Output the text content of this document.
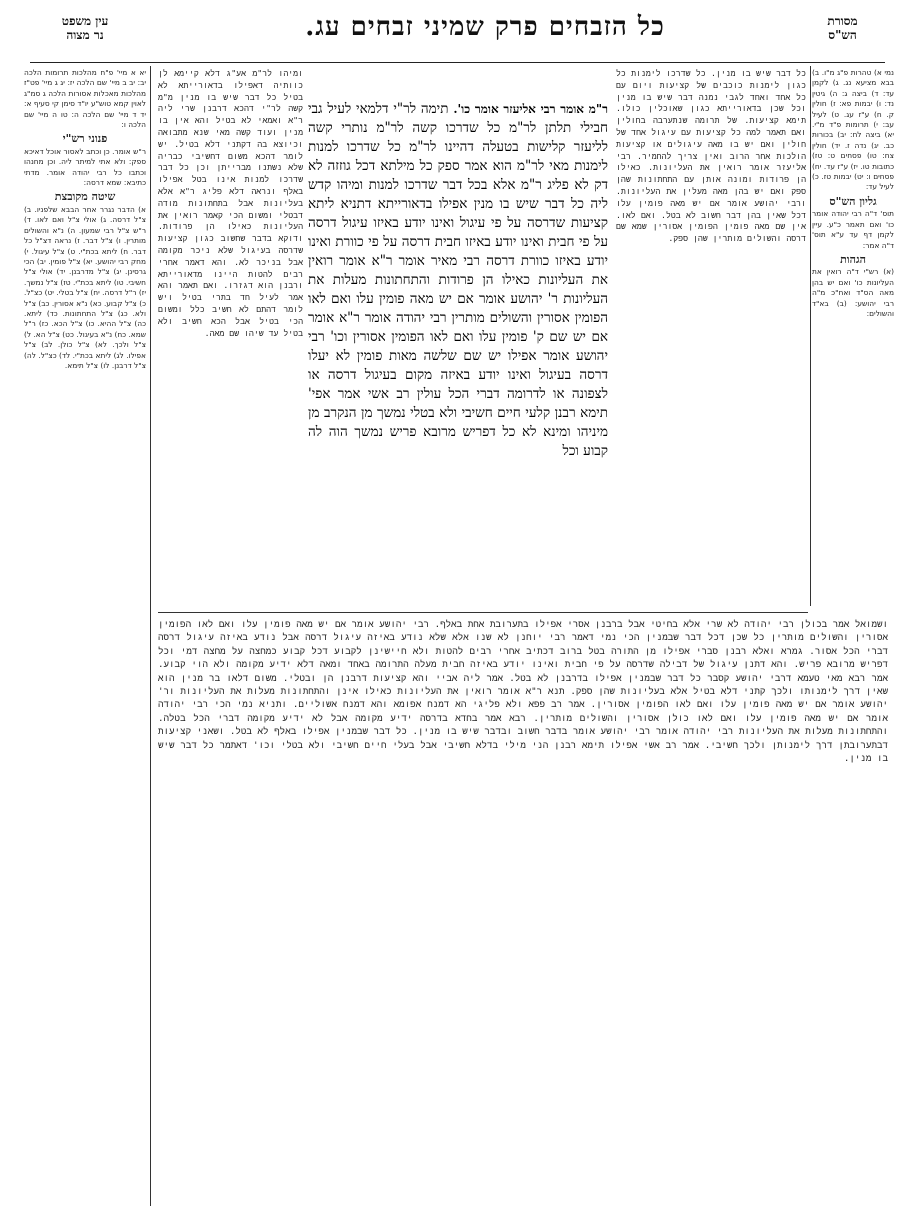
עין משפט
נר מצוה	כל הזבחים פרק שמיני זבחים עג.	מסורת
הש"ס

נמי א) טהרות פ"ג מ"ו. ב) בבא מציעא נג. ג) לקמן עד: ד) ביצה ג: ה) גיטין נד: ו) יבמות פא: ז) חולין ק. ח) ע"ז עג. ט) לעיל עב: י) תרומות פ"ד מ"י. יא) ביצה לח: יב) בכורות כב. יג) נדה ז. יד) חולין צח: טו) פסחים ט: טז) כתובות טו. יז) ע"ז עד. יח) פסחים ו: יט) יבמות טז. כ) לעיל עד:

גליון הש"ס

תוס' ד"ה רבי יהודה אומר כו' ואם תאמר כ"ע. עיין לקמן דף עד ע"א תוס' ד"ה אמר:

הגהות

(א) רש"י ד"ה רואין את העליונות כו' ואם יש בהן מאה הס"ד ואח"כ מ"ה רבי יהושע: (ב) בא"ד והשולים:

כל דבר שיש בו מנין. כל שדרכו לימנות כל כגון לימנות כוכבים של קציעות ויום עם כל אחד ואחד לגבי נמנה דבר שיש בו מנין וכל שכן בדאורייתא כגון שאוכלין כולו. תימא קציעות. של תרומה שנתערבה בחולין ואם תאמר למה כל קציעות עם עיגול אחד של חולין ואם יש בו מאה עיגולים או קציעות הולכות אחר הרוב ואין צריך להחמיר. רבי אליעזר אומר רואין את העליונות. כאילו הן פרודות ומונה אותן עם התחתונות שהן ספק ואם יש בהן מאה מעלין את העליונות. ורבי יהושע אומר אם יש מאה פומין עלו דכל שאין בהן דבר חשוב לא בטל. ואם לאו. אין שם מאה פומין הפומין אסורין שמא שם דרסה והשולים מותרין שהן ספק.

ר"מ אומר רבי אליעזר אומר כו'. תימה לר"י דלמאי לעיל גבי חבילי תלתן לר"מ כל שדרכו קשה לר"מ נותרי קשה לליעזר קלישות בטעלה דהיינו לר"מ כל שדרכו למנות לימנות מאי לר"מ הוא אמר ספק כל מילתא דכל גוזזה לא דק לא פליג ר"מ אלא בכל דבר שדרכו למנות ומיהו קדש ליה כל דבר שיש בו מנין אפילו בדאורייתא דתניא ליתא קציעות שדרסה על פי עיגול ואינו יודע באיזו עיגול דרסה על פי חבית ואינו יודע באיזו חבית דרסה על פי כוורת ואינו יודע באיזו כוורת דרסה רבי מאיר אומר ר"א אומר רואין את העליונות כאילו הן פרודות והתחתונות מעלות את העליונות ר' יהושע אומר אם יש מאה פומין עלו ואם לאו הפומין אסורין והשולים מותרין רבי יהודה אומר ר"א אומר אם יש שם ק' פומין עלו ואם לאו הפומין אסורין וכו' רבי יהושע אומר אפילו יש שם שלשה מאות פומין לא יעלו דרסה בעיגול ואינו יודע באיזה מקום בעיגול דרסה או לצפונה או לדרומה דברי הכל עולין רב אשי אמר אפי' תימא רבנן קלעי חיים חשיבי ולא בטלי נמשך מן הנקרב מן מיניהו ומינא לא כל דפריש מרובא פריש נמשך הוה לה קבוע וכל

ומיהו לר"מ אע"ג דלא קיימא לן כוותיה דאפילו בדאורייתא לא בטיל כל דבר שיש בו מנין מ"מ קשה לר"י דהכא דרבנן שרי ליה ר"א ואמאי לא בטיל והא אין בו מנין ועוד קשה מאי שנא מתבואה וכיוצא בה דקתני דלא בטיל. יש לומר דהכא משום דחשיבי כבריה שלא נשתנו מברייתן וכן כל דבר שדרכו למנות אינו בטל אפילו באלף ונראה דלא פליג ר"א אלא בעליונות אבל בתחתונות מודה דבטלי ומשום הכי קאמר רואין את העליונות כאילו הן פרודות. ודוקא בדבר שחשוב כגון קציעות שדרסה בעיגול שלא ניכר מקומה אבל בניכר לא. והא דאמר אחרי רבים להטות היינו מדאורייתא ורבנן הוא דגזרו. ואם תאמר והא אמר לעיל חד בתרי בטיל ויש לומר דהתם לא חשיב כלל ומשום הכי בטיל אבל הכא חשיב ולא בטיל עד שיהו שם מאה.

יא א מיי' פ"ח מהלכות תרומות הלכה יב: יב ב מיי' שם הלכה יז: יג ג מיי' פט"ז מהלכות מאכלות אסורות הלכה ג סמ"ג לאוין קמא טוש"ע יו"ד סימן קי סעיף א: יד ד מיי' שם הלכה ה: טו ה מיי' שם הלכה ו:

פנוני רש"י

ר"ש אומר. כן וכתב לאסור אוכל דאיכא ספק: ולא אתי למיתר ליה. וכן מחנהו וכתבו כל רבי יהודה אומר. מדתי כתיבא: שמא דרסה:

שיטה מקובצת

א) הדבר נגרר אחר הבבא שלפניו. ב) צ"ל דרסה. ג) אולי צ"ל ואם לאו. ד) ר"ש צ"ל רבי שמעון. ה) נ"א והשולים מותרין. ו) צ"ל דבר. ז) נראה דצ"ל כל דבר. ח) ליתא בכת"י. ט) צ"ל עיגול. י) מחק רבי יהושע. יא) צ"ל פומין. יב) הכי גרסינן. יג) צ"ל מדרבנן. יד) אולי צ"ל חשיבי. טו) ליתא בכת"י. טז) צ"ל נמשך. יז) ר"ל דרסה. יח) צ"ל בטלי. יט) כצ"ל. כ) צ"ל קבוע. כא) נ"א אסורין. כב) צ"ל ולא. כג) צ"ל התחתונות. כד) ליתא. כה) צ"ל ההיא. כו) צ"ל הכא. כז) ר"ל שמא. כח) נ"א בעיגול. כט) צ"ל הא. ל) צ"ל ולכך. לא) צ"ל כולן. לב) צ"ל אפילו. לג) ליתא בכת"י. לד) כצ"ל. לה) צ"ל דרבנן. לו) צ"ל תימא.

ושמואל אמר בכולן רבי יהודה לא שרי אלא בחיטי אבל ברבנן אסרי אפילו בתערובת אחת באלף. רבי יהושע אומר אם יש מאה פומין עלו ואם לאו הפומין אסורין והשולים מותרין כל שכן דכל דבר שבמנין הכי נמי דאמר רבי יוחנן לא שנו אלא שלא נודע באיזה עיגול דרסה אבל נודע באיזה עיגול דרסה דברי הכל אסור. גמרא ואלא רבנן סברי אפילו מן התורה בטל ברוב דכתיב אחרי רבים להטות ולא חיישינן לקבוע דכל קבוע כמחצה על מחצה דמי וכל דפריש מרובא פריש. והא דתנן עיגול של דבילה שדרסה על פי חבית ואינו יודע באיזה חבית מעלה התרומה באחד ומאה דלא ידיע מקומה ולא הוי קבוע. אמר רבא מאי טעמא דרבי יהושע קסבר כל דבר שבמנין אפילו בדרבנן לא בטל. אמר ליה אביי והא קציעות דרבנן הן ובטלי. משום דלאו בר מנין הוא שאין דרך לימנותו ולכך קתני דלא בטיל אלא בעליונות שהן ספק. תנא ר"א אומר רואין את העליונות כאילו אינן והתחתונות מעלות את העליונות ור' יהושע אומר אם יש מאה פומין עלו ואם לאו הפומין אסורין. אמר רב פפא ולא פליגי הא דמנח אפומא והא דמנח אשוליים. ותניא נמי הכי רבי יהודה אומר אם יש מאה פומין עלו ואם לאו כולן אסורין והשולים מותרין. רבא אמר בחדא בדרסה ידיע מקומה אבל לא ידיע מקומה דברי הכל בטלה. והתחתונות מעלות את העליונות רבי יהודה אומר רבי יהושע אומר בדבר חשוב ובדבר שיש בו מנין. כל דבר שבמנין אפילו באלף לא בטל. ושאני קציעות דבתערובתן דרך לימנותן ולכך חשיבי. אמר רב אשי אפילו תימא רבנן הני מילי בדלא חשיבי אבל בעלי חיים חשיבי ולא בטלי וכו' דאתמר כל דבר שיש בו מנין.
